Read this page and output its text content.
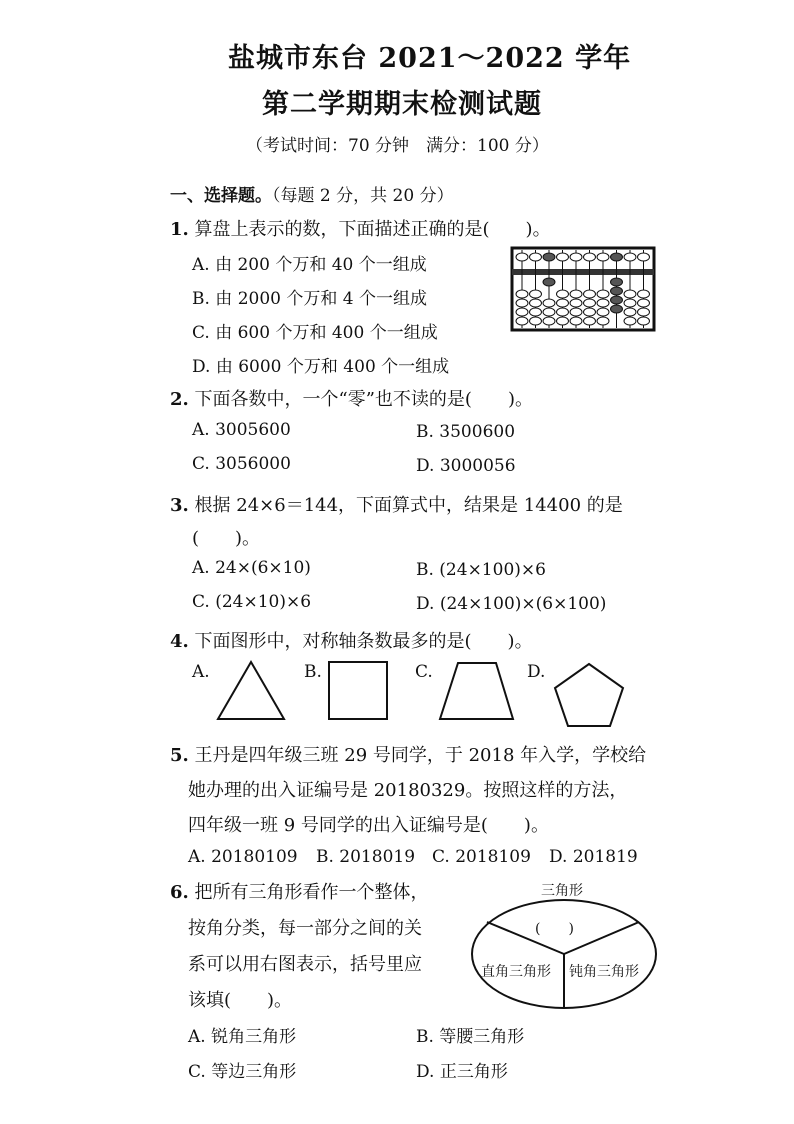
盐城市东台 2021～2022 学年
第二学期期末检测试题
（考试时间：70 分钟　满分：100 分）
一、选择题。（每题 2 分，共 20 分）
1. 算盘上表示的数，下面描述正确的是(　　)。
A. 由 200 个万和 40 个一组成
B. 由 2000 个万和 4 个一组成
C. 由 600 个万和 400 个一组成
D. 由 6000 个万和 400 个一组成
2. 下面各数中，一个“零”也不读的是(　　)。
A. 3005600	B. 3500600
C. 3056000	D. 3000056
3. 根据 24×6＝144，下面算式中，结果是 14400 的是
(　　)。
A. 24×(6×10)	B. (24×100)×6
C. (24×10)×6	D. (24×100)×(6×100)
4. 下面图形中，对称轴条数最多的是(　　)。
A.	B.	C.	D.
5. 王丹是四年级三班 29 号同学，于 2018 年入学，学校给
她办理的出入证编号是 20180329。按照这样的方法，
四年级一班 9 号同学的出入证编号是(　　)。
A. 20180109 B. 2018019 C. 2018109 D. 201819
6. 把所有三角形看作一个整体，
按角分类，每一部分之间的关
系可以用右图表示，括号里应
该填(　　)。
三角形
(　　)
直角三角形 钝角三角形
A. 锐角三角形	B. 等腰三角形
C. 等边三角形	D. 正三角形
